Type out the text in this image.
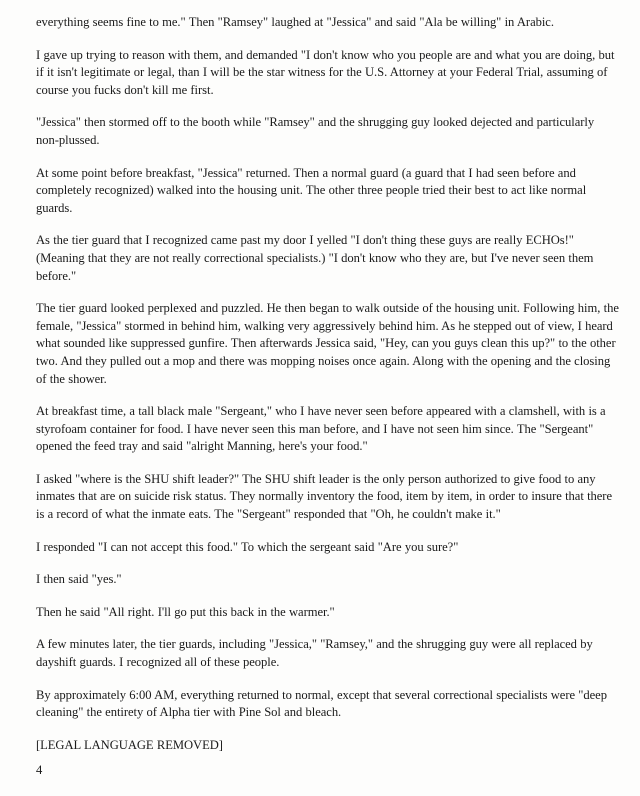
everything seems fine to me." Then "Ramsey" laughed at "Jessica" and said "Ala be willing" in Arabic.

I gave up trying to reason with them, and demanded "I don't know who you people are and what you are doing, but if it isn't legitimate or legal, than I will be the star witness for the U.S. Attorney at your Federal Trial, assuming of course you fucks don't kill me first.

"Jessica" then stormed off to the booth while "Ramsey" and the shrugging guy looked dejected and particularly non-plussed.

At some point before breakfast, "Jessica" returned. Then a normal guard (a guard that I had seen before and completely recognized) walked into the housing unit. The other three people tried their best to act like normal guards.

As the tier guard that I recognized came past my door I yelled "I don't thing these guys are really ECHOs!" (Meaning that they are not really correctional specialists.) "I don't know who they are, but I've never seen them before."

The tier guard looked perplexed and puzzled. He then began to walk outside of the housing unit. Following him, the female, "Jessica" stormed in behind him, walking very aggressively behind him. As he stepped out of view, I heard what sounded like suppressed gunfire. Then afterwards Jessica said, "Hey, can you guys clean this up?" to the other two. And they pulled out a mop and there was mopping noises once again. Along with the opening and the closing of the shower.

At breakfast time, a tall black male "Sergeant," who I have never seen before appeared with a clamshell, with is a styrofoam container for food. I have never seen this man before, and I have not seen him since. The "Sergeant" opened the feed tray and said "alright Manning, here's your food."

I asked "where is the SHU shift leader?" The SHU shift leader is the only person authorized to give food to any inmates that are on suicide risk status. They normally inventory the food, item by item, in order to insure that there is a record of what the inmate eats. The "Sergeant" responded that "Oh, he couldn't make it."

I responded "I can not accept this food." To which the sergeant said "Are you sure?"

I then said "yes."

Then he said "All right. I'll go put this back in the warmer."

A few minutes later, the tier guards, including "Jessica," "Ramsey," and the shrugging guy were all replaced by dayshift guards. I recognized all of these people.

By approximately 6:00 AM, everything returned to normal, except that several correctional specialists were "deep cleaning" the entirety of Alpha tier with Pine Sol and bleach.

[LEGAL LANGUAGE REMOVED]

4
